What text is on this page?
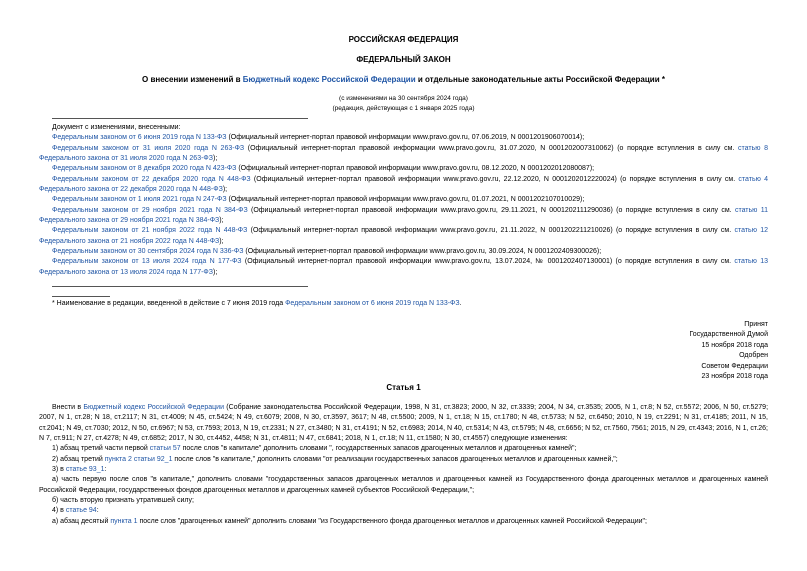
РОССИЙСКАЯ ФЕДЕРАЦИЯ
ФЕДЕРАЛЬНЫЙ ЗАКОН
О внесении изменений в Бюджетный кодекс Российской Федерации и отдельные законодательные акты Российской Федерации *
(с изменениями на 30 сентября 2024 года)
(редакция, действующая с 1 января 2025 года)

Документ с изменениями, внесенными:

Федеральным законом от 6 июня 2019 года N 133-ФЗ (Официальный интернет-портал правовой информации www.pravo.gov.ru, 07.06.2019, N 0001201906070014);

Федеральным законом от 31 июля 2020 года N 263-ФЗ (Официальный интернет-портал правовой информации www.pravo.gov.ru, 31.07.2020, N 0001202007310062) (о порядке вступления в силу см. статью 8 Федерального закона от 31 июля 2020 года N 263-ФЗ);

Федеральным законом от 8 декабря 2020 года N 423-ФЗ (Официальный интернет-портал правовой информации www.pravo.gov.ru, 08.12.2020, N 0001202012080087);

Федеральным законом от 22 декабря 2020 года N 448-ФЗ (Официальный интернет-портал правовой информации www.pravo.gov.ru, 22.12.2020, N 0001202012220024) (о порядке вступления в силу см. статью 4 Федерального закона от 22 декабря 2020 года N 448-ФЗ);

Федеральным законом от 1 июля 2021 года N 247-ФЗ (Официальный интернет-портал правовой информации www.pravo.gov.ru, 01.07.2021, N 0001202107010029);

Федеральным законом от 29 ноября 2021 года N 384-ФЗ (Официальный интернет-портал правовой информации www.pravo.gov.ru, 29.11.2021, N 0001202111290036) (о порядке вступления в силу см. статью 11 Федерального закона от 29 ноября 2021 года N 384-ФЗ);

Федеральным законом от 21 ноября 2022 года N 448-ФЗ (Официальный интернет-портал правовой информации www.pravo.gov.ru, 21.11.2022, N 0001202211210026) (о порядке вступления в силу см. статью 12 Федерального закона от 21 ноября 2022 года N 448-ФЗ);

Федеральным законом от 30 сентября 2024 года N 336-ФЗ (Официальный интернет-портал правовой информации www.pravo.gov.ru, 30.09.2024, N 0001202409300026);

Федеральным законом от 13 июля 2024 года N 177-ФЗ (Официальный интернет-портал правовой информации www.pravo.gov.ru, 13.07.2024, № 0001202407130001) (о порядке вступления в силу см. статью 13 Федерального закона от 13 июля 2024 года N 177-ФЗ);

* Наименование в редакции, введенной в действие с 7 июня 2019 года Федеральным законом от 6 июня 2019 года N 133-ФЗ.

Принят
Государственной Думой
15 ноября 2018 года
Одобрен
Советом Федерации
23 ноября 2018 года
Статья 1

Внести в Бюджетный кодекс Российской Федерации (Собрание законодательства Российской Федерации, 1998, N 31, ст.3823; 2000, N 32, ст.3339; 2004, N 34, ст.3535; 2005, N 1, ст.8; N 52, ст.5572; 2006, N 50, ст.5279; 2007, N 1, ст.28; N 18, ст.2117; N 31, ст.4009; N 45, ст.5424; N 49, ст.6079; 2008, N 30, ст.3597, 3617; N 48, ст.5500; 2009, N 1, ст.18; N 15, ст.1780; N 48, ст.5733; N 52, ст.6450; 2010, N 19, ст.2291; N 31, ст.4185; 2011, N 15, ст.2041; N 49, ст.7030; 2012, N 50, ст.6967; N 53, ст.7593; 2013, N 19, ст.2331; N 27, ст.3480; N 31, ст.4191; N 52, ст.6983; 2014, N 40, ст.5314; N 43, ст.5795; N 48, ст.6656; N 52, ст.7560, 7561; 2015, N 29, ст.4343; 2016, N 1, ст.26; N 7, ст.911; N 27, ст.4278; N 49, ст.6852; 2017, N 30, ст.4452, 4458; N 31, ст.4811; N 47, ст.6841; 2018, N 1, ст.18; N 11, ст.1580; N 30, ст.4557) следующие изменения:

1) абзац третий части первой статьи 57 после слов "в капитале" дополнить словами ", государственных запасов драгоценных металлов и драгоценных камней";

2) абзац третий пункта 2 статьи 92_1 после слов "в капитале," дополнить словами "от реализации государственных запасов драгоценных металлов и драгоценных камней,";

3) в статье 93_1:

а) часть первую после слов "в капитале," дополнить словами "государственных запасов драгоценных металлов и драгоценных камней из Государственного фонда драгоценных металлов и драгоценных камней Российской Федерации, государственных фондов драгоценных металлов и драгоценных камней субъектов Российской Федерации,";

б) часть вторую признать утратившей силу;

4) в статье 94:

а) абзац десятый пункта 1 после слов "драгоценных камней" дополнить словами "из Государственного фонда драгоценных металлов и драгоценных камней Российской Федерации";
